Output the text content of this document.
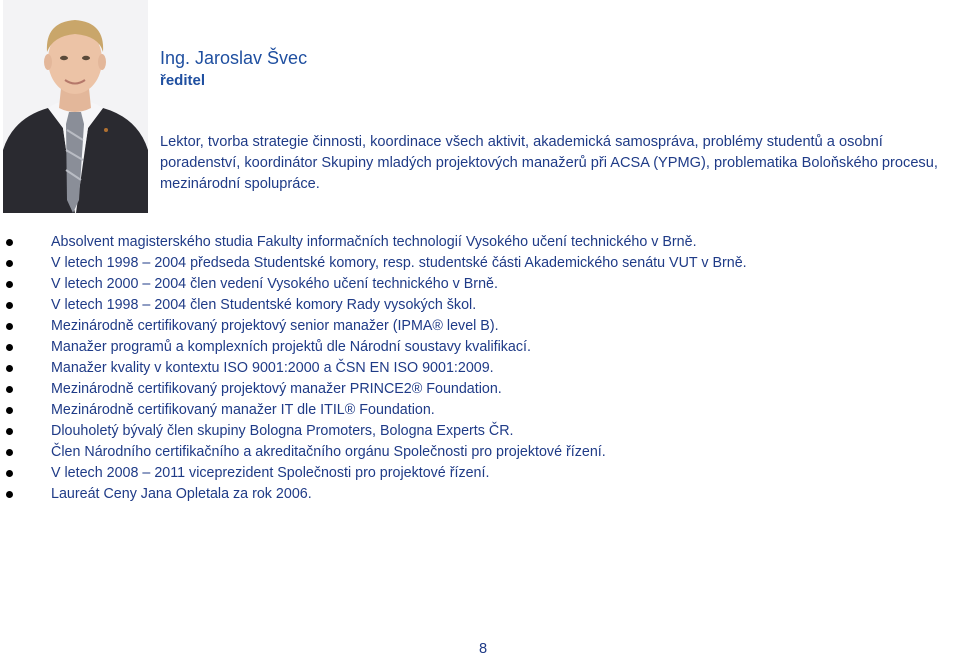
Ing. Jaroslav Švec
ředitel
Lektor, tvorba strategie činnosti, koordinace všech aktivit, akademická samospráva, problémy studentů a osobní poradenství, koordinátor Skupiny mladých projektových manažerů při ACSA (YPMG), problematika Boloňského procesu, mezinárodní spolupráce.
Absolvent magisterského studia Fakulty informačních technologií Vysokého učení technického v Brně.
V letech 1998 – 2004 předseda Studentské komory, resp. studentské části Akademického senátu VUT v Brně.
V letech 2000 – 2004 člen vedení Vysokého učení technického v Brně.
V letech 1998 – 2004 člen Studentské komory Rady vysokých škol.
Mezinárodně certifikovaný projektový senior manažer (IPMA® level B).
Manažer programů a komplexních projektů dle Národní soustavy kvalifikací.
Manažer kvality v kontextu ISO 9001:2000 a ČSN EN ISO 9001:2009.
Mezinárodně certifikovaný projektový manažer PRINCE2® Foundation.
Mezinárodně certifikovaný manažer IT dle ITIL® Foundation.
Dlouholetý bývalý člen skupiny Bologna Promoters, Bologna Experts ČR.
Člen Národního certifikačního a akreditačního orgánu Společnosti pro projektové řízení.
V letech 2008 – 2011 viceprezident Společnosti pro projektové řízení.
Laureát Ceny Jana Opletala za rok 2006.
8
